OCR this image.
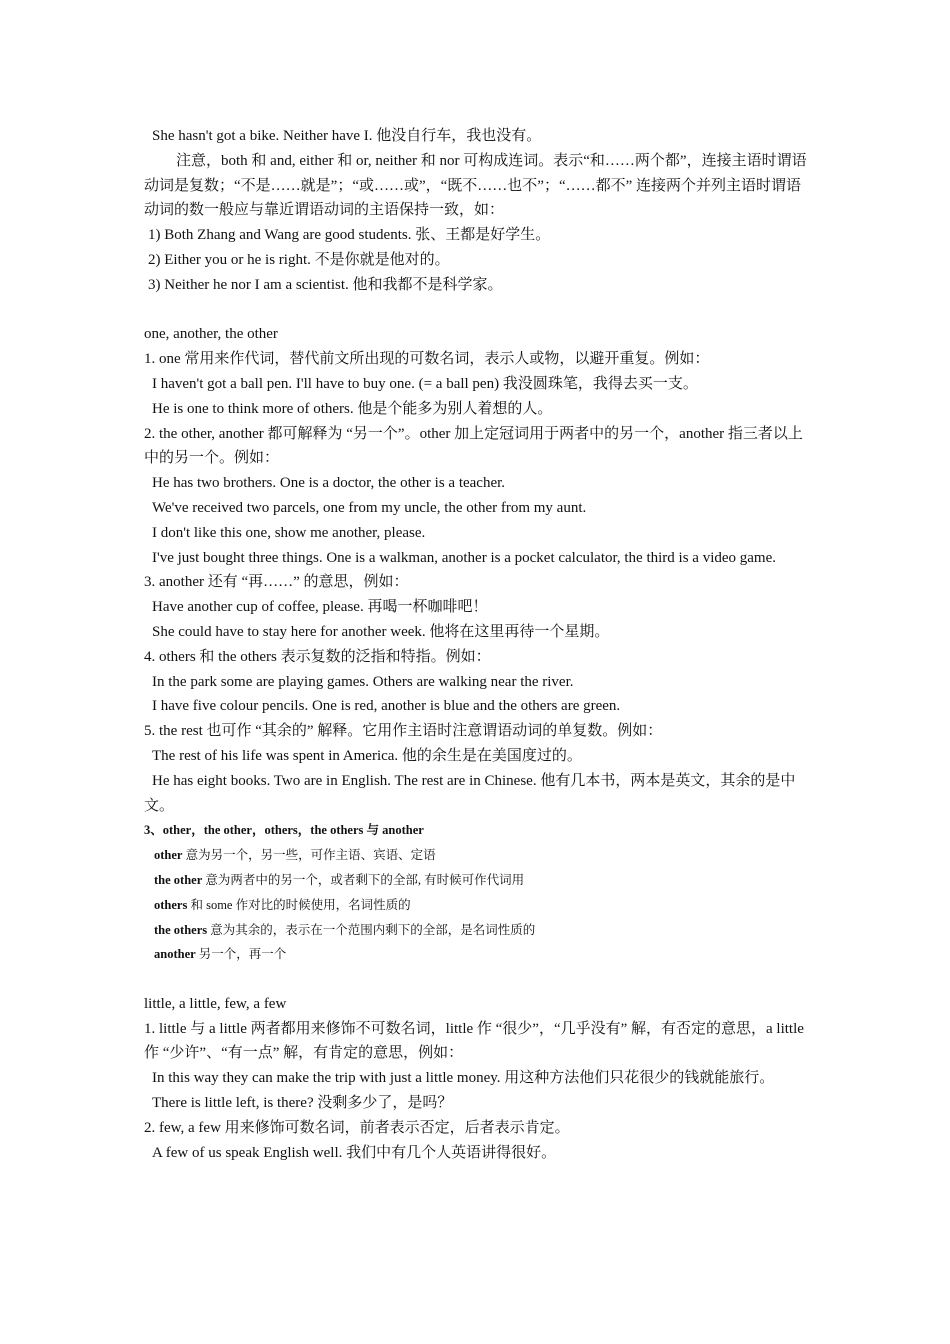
She hasn't got a bike. Neither have I. 他没自行车，我也没有。
注意，both 和 and, either 和 or, neither 和 nor 可构成连词。表示“和……两个都”，连接主语时谓语动词是复数；“不是……就是”；“或……或”，“既不……也不”；“……都不” 连接两个并列主语时谓语动词的数一般应与靠近谓语动词的主语保持一致，如：
1) Both Zhang and Wang are good students. 张、王都是好学生。
2) Either you or he is right. 不是你就是他对的。
3) Neither he nor I am a scientist. 他和我都不是科学家。
one, another, the other
1. one 常用来作代词，替代前文所出现的可数名词，表示人或物，以避开重复。例如：
I haven't got a ball pen. I'll have to buy one. (= a ball pen) 我没圆珠笔，我得去买一支。
He is one to think more of others. 他是个能多为别人着想的人。
2. the other, another 都可解释为 “另一个”。other 加上定冠词用于两者中的另一个，another 指三者以上中的另一个。例如：
He has two brothers. One is a doctor, the other is a teacher.
We've received two parcels, one from my uncle, the other from my aunt.
I don't like this one, show me another, please.
I've just bought three things. One is a walkman, another is a pocket calculator, the third is a video game.
3. another 还有 “再……” 的意思，例如：
Have another cup of coffee, please. 再喝一杯咖啡吧！
She could have to stay here for another week. 他将在这里再待一个星期。
4. others 和 the others 表示复数的泛指和特指。例如：
In the park some are playing games. Others are walking near the river.
I have five colour pencils. One is red, another is blue and the others are green.
5. the rest 也可作 “其余的” 解释。它用作主语时注意谓语动词的单复数。例如：
The rest of his life was spent in America. 他的余生是在美国度过的。
He has eight books. Two are in English. The rest are in Chinese. 他有几本书，两本是英文，其余的是中文。
3、other，the other，others，the others 与 another
other 意为另一个，另一些，可作主语、宾语、定语
the other 意为两者中的另一个，或者剩下的全部, 有时候可作代词用
others 和 some 作对比的时候使用，名词性质的
the others 意为其余的，表示在一个范围内剩下的全部，是名词性质的
another 另一个，再一个
little, a little, few, a few
1. little 与 a little 两者都用来修饰不可数名词，little 作 “很少”，“几乎没有” 解，有否定的意思，a little 作 “少许”、“有一点” 解，有肯定的意思，例如：
In this way they can make the trip with just a little money. 用这种方法他们只花很少的钱就能旅行。
There is little left, is there? 没剩多少了，是吗？
2. few, a few 用来修饰可数名词，前者表示否定，后者表示肯定。
A few of us speak English well. 我们中有几个人英语讲得很好。
